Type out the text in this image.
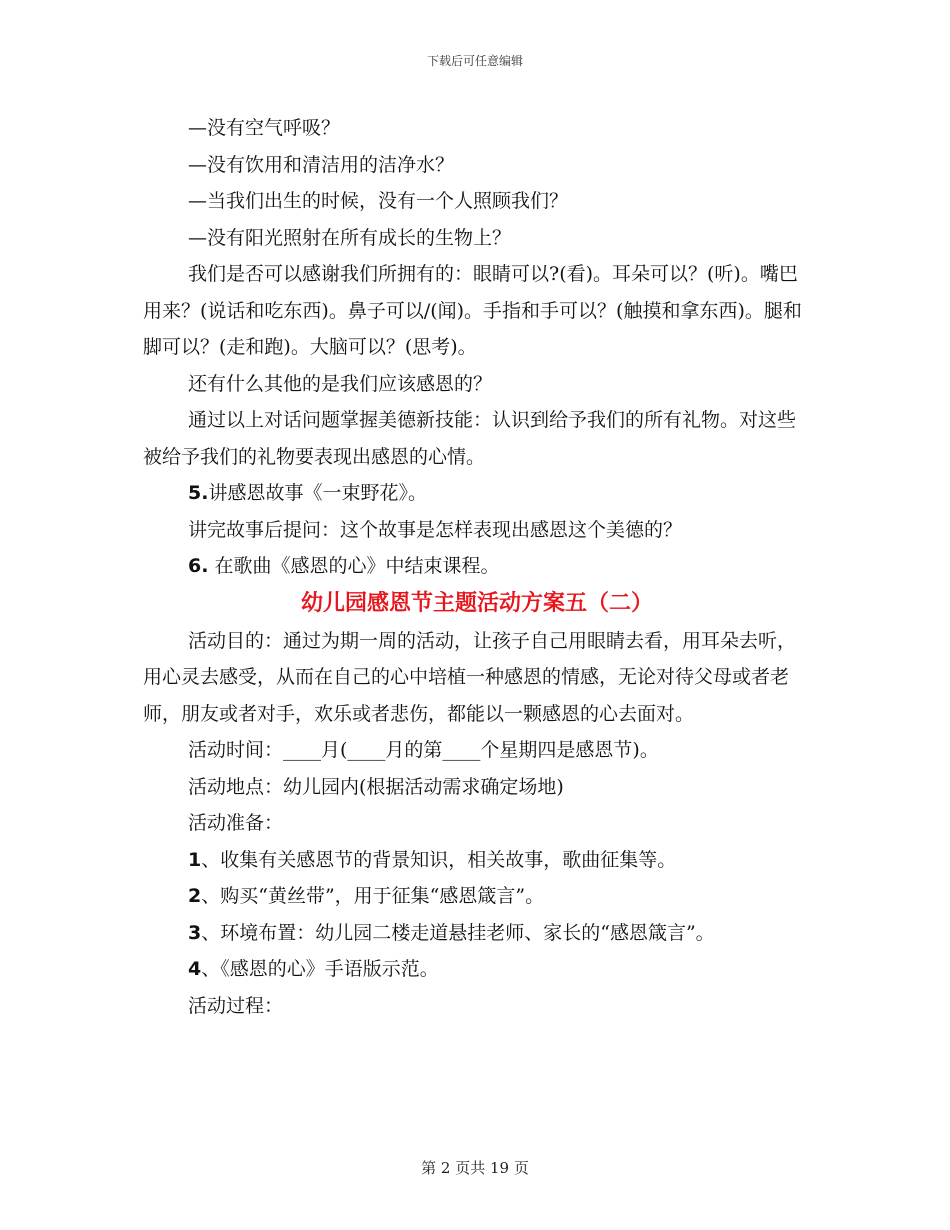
下载后可任意编辑

—没有空气呼吸？

—没有饮用和清洁用的洁净水？

—当我们出生的时候，没有一个人照顾我们？

—没有阳光照射在所有成长的生物上？

我们是否可以感谢我们所拥有的：眼睛可以?(看)。耳朵可以？(听)。嘴巴用来？(说话和吃东西)。鼻子可以/(闻)。手指和手可以？(触摸和拿东西)。腿和脚可以？(走和跑)。大脑可以？(思考)。

还有什么其他的是我们应该感恩的？

通过以上对话问题掌握美德新技能：认识到给予我们的所有礼物。对这些被给予我们的礼物要表现出感恩的心情。

5.讲感恩故事《一束野花》。

讲完故事后提问：这个故事是怎样表现出感恩这个美德的？

6. 在歌曲《感恩的心》中结束课程。

幼儿园感恩节主题活动方案五（二）

活动目的：通过为期一周的活动，让孩子自己用眼睛去看，用耳朵去听，用心灵去感受，从而在自己的心中培植一种感恩的情感，无论对待父母或者老师，朋友或者对手，欢乐或者悲伤，都能以一颗感恩的心去面对。

活动时间：____月(____月的第____个星期四是感恩节)。

活动地点：幼儿园内(根据活动需求确定场地)

活动准备：

1、收集有关感恩节的背景知识，相关故事，歌曲征集等。

2、购买“黄丝带”，用于征集“感恩箴言”。

3、环境布置：幼儿园二楼走道悬挂老师、家长的“感恩箴言”。

4、《感恩的心》手语版示范。

活动过程：

第 2 页共 19 页
